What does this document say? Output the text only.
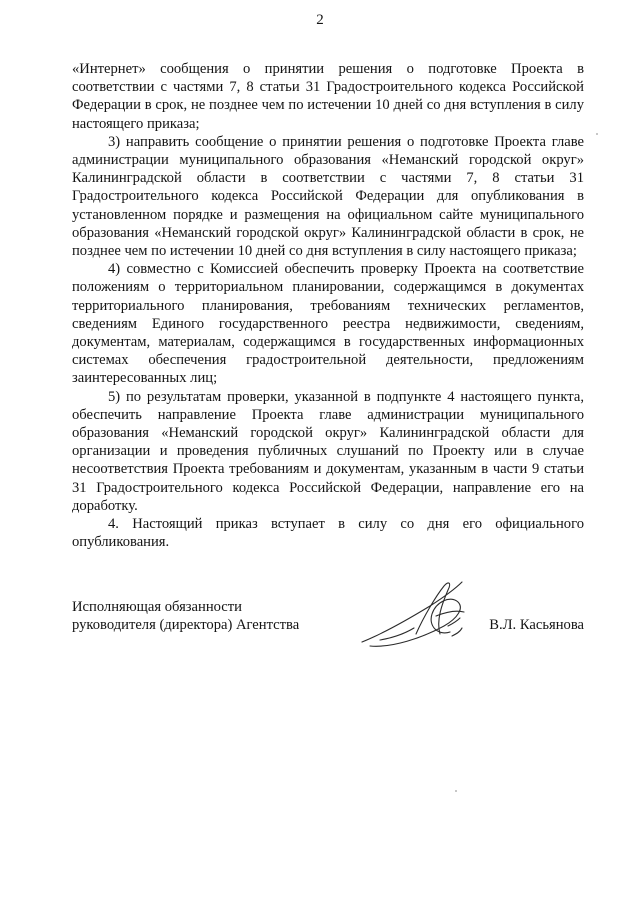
2

«Интернет» сообщения о принятии решения о подготовке Проекта в соответствии с частями 7, 8 статьи 31 Градостроительного кодекса Российской Федерации в срок, не позднее чем по истечении 10 дней со дня вступления в силу настоящего приказа;

3) направить сообщение о принятии решения о подготовке Проекта главе администрации муниципального образования «Неманский городской округ» Калининградской области в соответствии с частями 7, 8 статьи 31 Градостроительного кодекса Российской Федерации для опубликования в установленном порядке и размещения на официальном сайте муниципального образования «Неманский городской округ» Калининградской области в срок, не позднее чем по истечении 10 дней со дня вступления в силу настоящего приказа;

4) совместно с Комиссией обеспечить проверку Проекта на соответствие положениям о территориальном планировании, содержащимся в документах территориального планирования, требованиям технических регламентов, сведениям Единого государственного реестра недвижимости, сведениям, документам, материалам, содержащимся в государственных информационных системах обеспечения градостроительной деятельности, предложениям заинтересованных лиц;

5) по результатам проверки, указанной в подпункте 4 настоящего пункта, обеспечить направление Проекта главе администрации муниципального образования «Неманский городской округ» Калининградской области для организации и проведения публичных слушаний по Проекту или в случае несоответствия Проекта требованиям и документам, указанным в части 9 статьи 31 Градостроительного кодекса Российской Федерации, направление его на доработку.

4. Настоящий приказ вступает в силу со дня его официального опубликования.

Исполняющая обязанности
руководителя (директора) Агентства	В.Л. Касьянова
